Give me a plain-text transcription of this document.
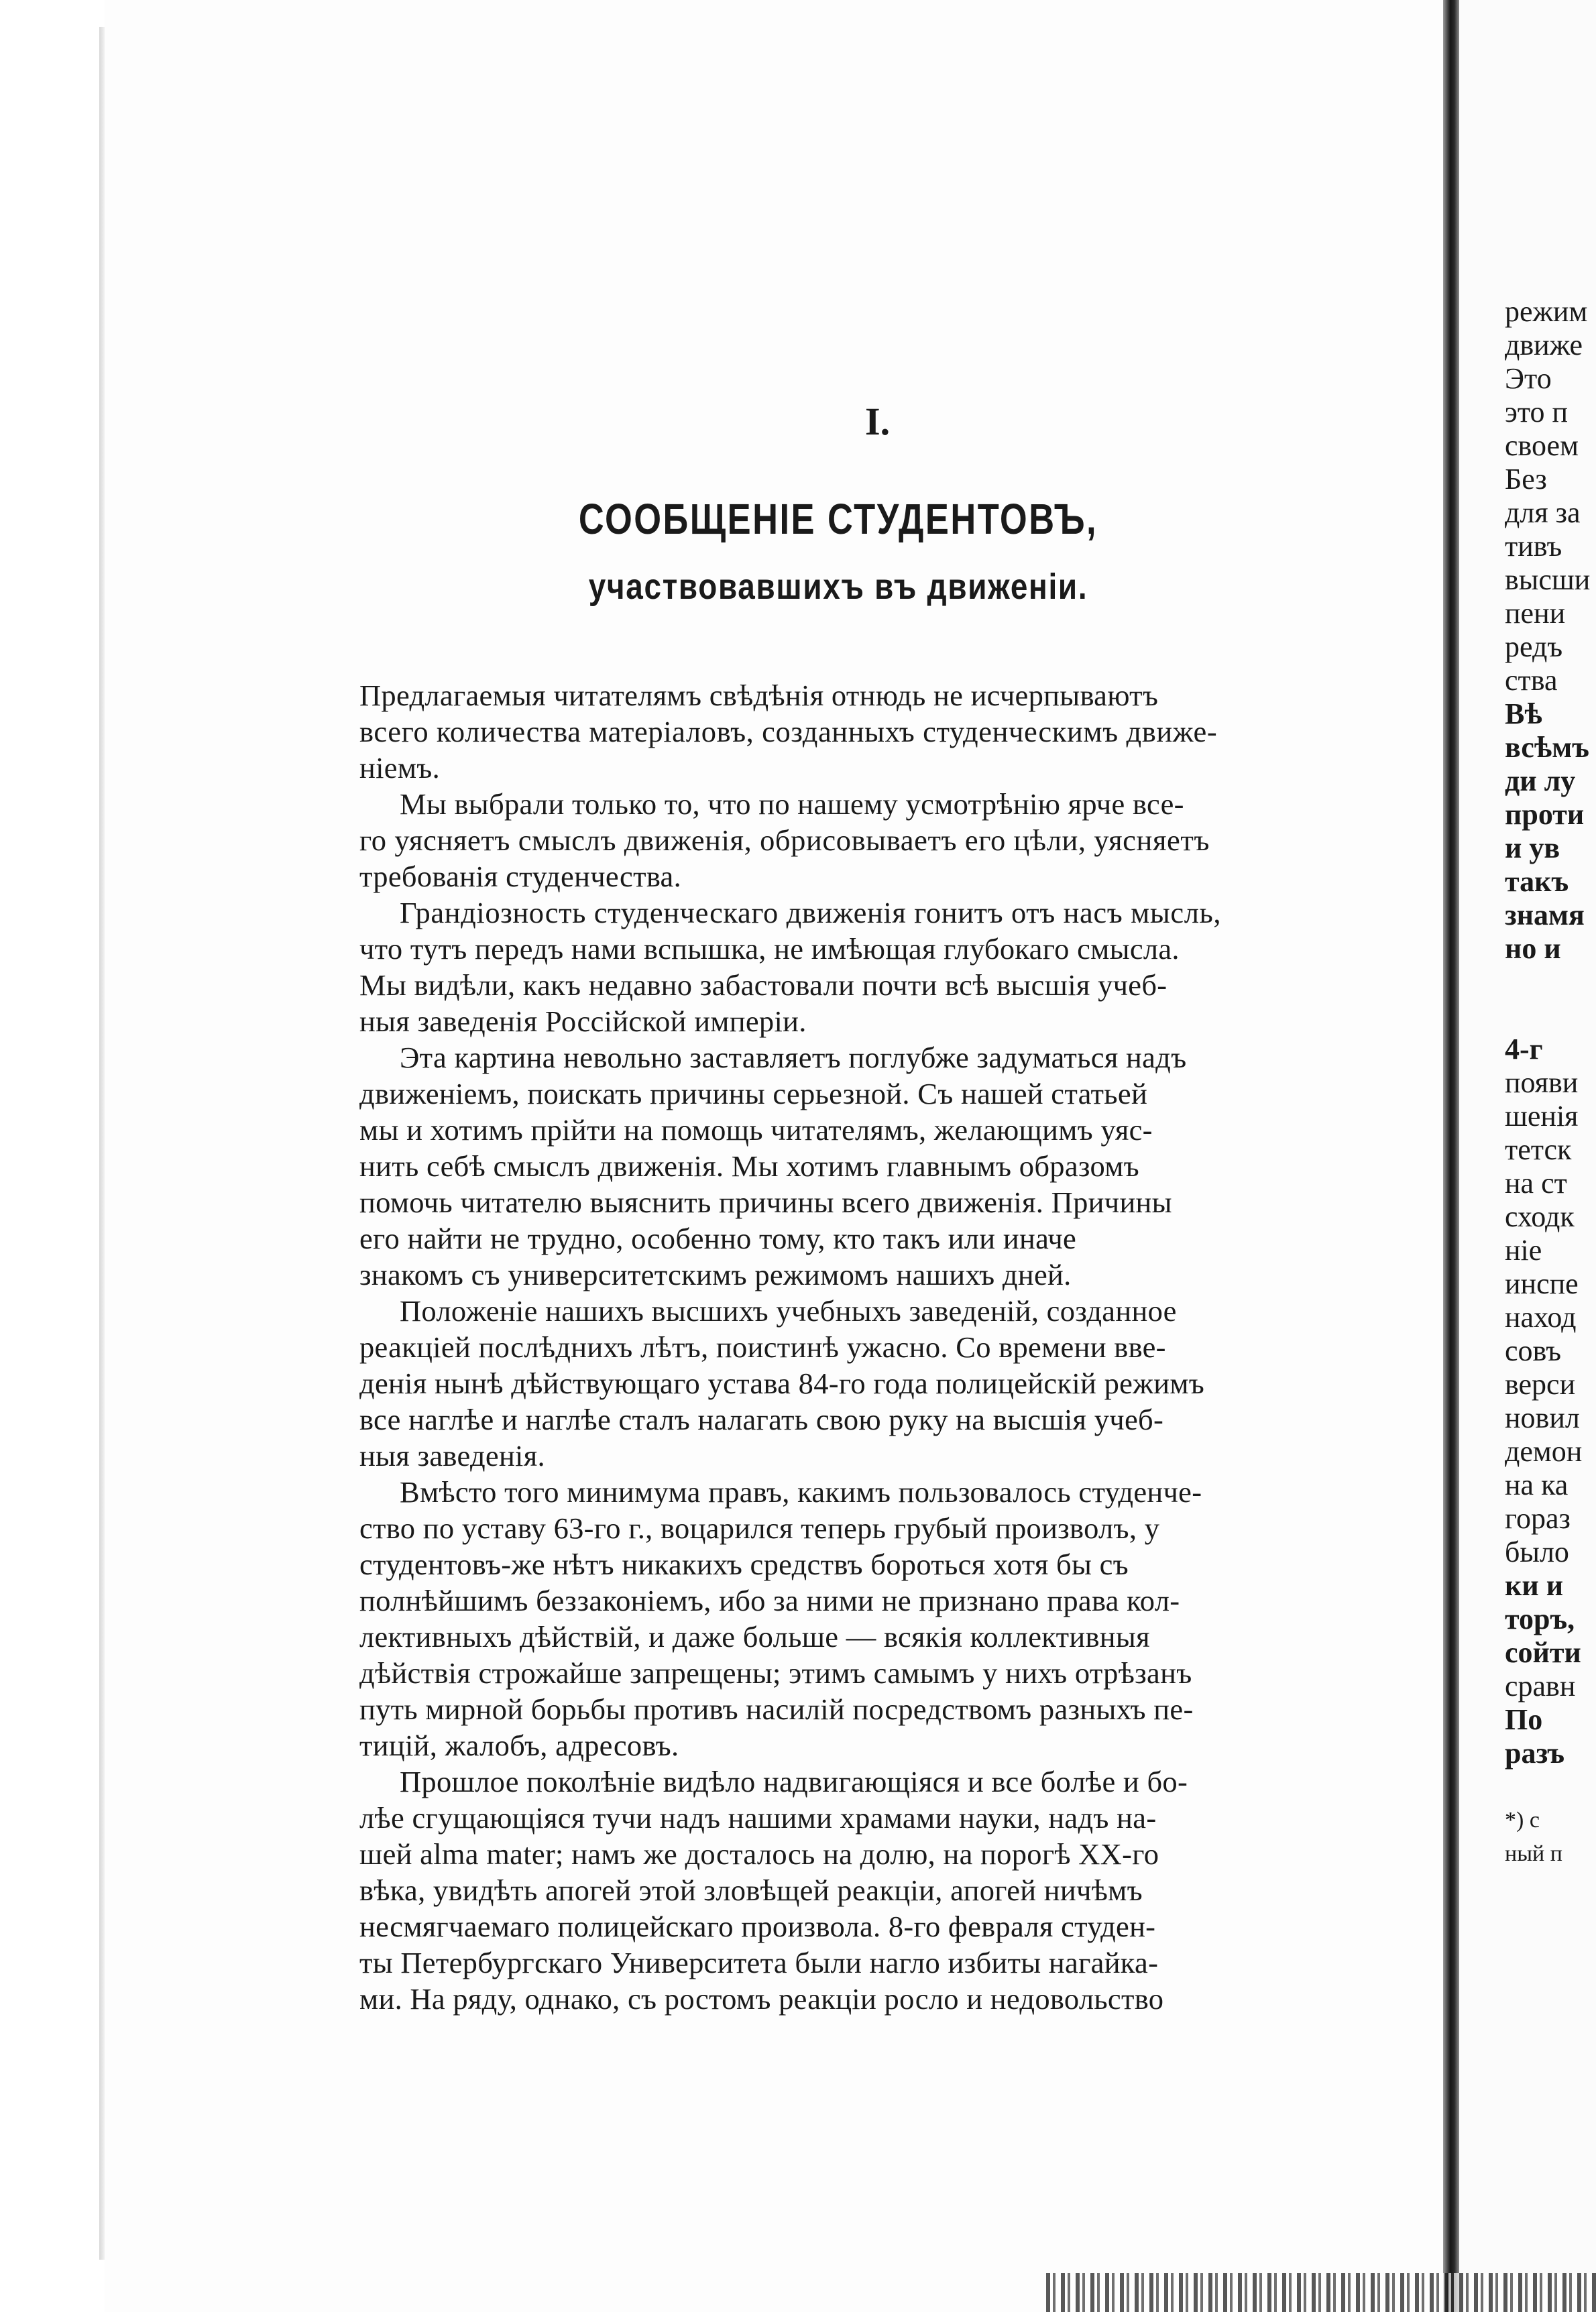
I.
СООБЩЕНІЕ СТУДЕНТОВЪ,
участвовавшихъ въ движеніи.
Предлагаемыя читателямъ свѣдѣнія отнюдь не исчерпываютъ
всего количества матеріаловъ, созданныхъ студенческимъ движе-
ніемъ.
Мы выбрали только то, что по нашему усмотрѣнію ярче все-
го уясняетъ смыслъ движенія, обрисовываетъ его цѣли, уясняетъ
требованія студенчества.
Грандіозность студенческаго движенія гонитъ отъ насъ мысль,
что тутъ передъ нами вспышка, не имѣющая глубокаго смысла.
Мы видѣли, какъ недавно забастовали почти всѣ высшія учеб-
ныя заведенія Россійской имперіи.
Эта картина невольно заставляетъ поглубже задуматься надъ
движеніемъ, поискать причины серьезной. Съ нашей статьей
мы и хотимъ прійти на помощь читателямъ, желающимъ уяс-
нить себѣ смыслъ движенія. Мы хотимъ главнымъ образомъ
помочь читателю выяснить причины всего движенія. Причины
его найти не трудно, особенно тому, кто такъ или иначе
знакомъ съ университетскимъ режимомъ нашихъ дней.
Положеніе нашихъ высшихъ учебныхъ заведеній, созданное
реакціей послѣднихъ лѣтъ, поистинѣ ужасно. Со времени вве-
денія нынѣ дѣйствующаго устава 84-го года полицейскій режимъ
все наглѣе и наглѣе сталъ налагать свою руку на высшія учеб-
ныя заведенія.
Вмѣсто того минимума правъ, какимъ пользовалось студенче-
ство по уставу 63-го г., воцарился теперь грубый произволъ, у
студентовъ-же нѣтъ никакихъ средствъ бороться хотя бы съ
полнѣйшимъ беззаконіемъ, ибо за ними не признано права кол-
лективныхъ дѣйствій, и даже больше — всякія коллективныя
дѣйствія строжайше запрещены; этимъ самымъ у нихъ отрѣзанъ
путь мирной борьбы противъ насилій посредствомъ разныхъ пе-
тицій, жалобъ, адресовъ.
Прошлое поколѣніе видѣло надвигающіяся и все болѣе и бо-
лѣе сгущающіяся тучи надъ нашими храмами науки, надъ на-
шей alma mater; намъ же досталось на долю, на порогѣ XX-го
вѣка, увидѣть апогей этой зловѣщей реакціи, апогей ничѣмъ
несмягчаемаго полицейскаго произвола. 8-го февраля студен-
ты Петербургскаго Университета были нагло избиты нагайка-
ми. На ряду, однако, съ ростомъ реакціи росло и недовольство
режим
движе
Это
это п
своем
Без
для за
тивъ
высши
пени
редъ
ства
Вѣ
всѣмъ
ди лу
проти
и ув
такъ
знамя
но и
4-г
появи
шенія
тетск
на ст
сходк
ніе
инспе
наход
совъ
верси
новил
демон
на ка
гораз
было
ки и
торъ,
сойти
сравн
По
разъ
*) с
ный п
